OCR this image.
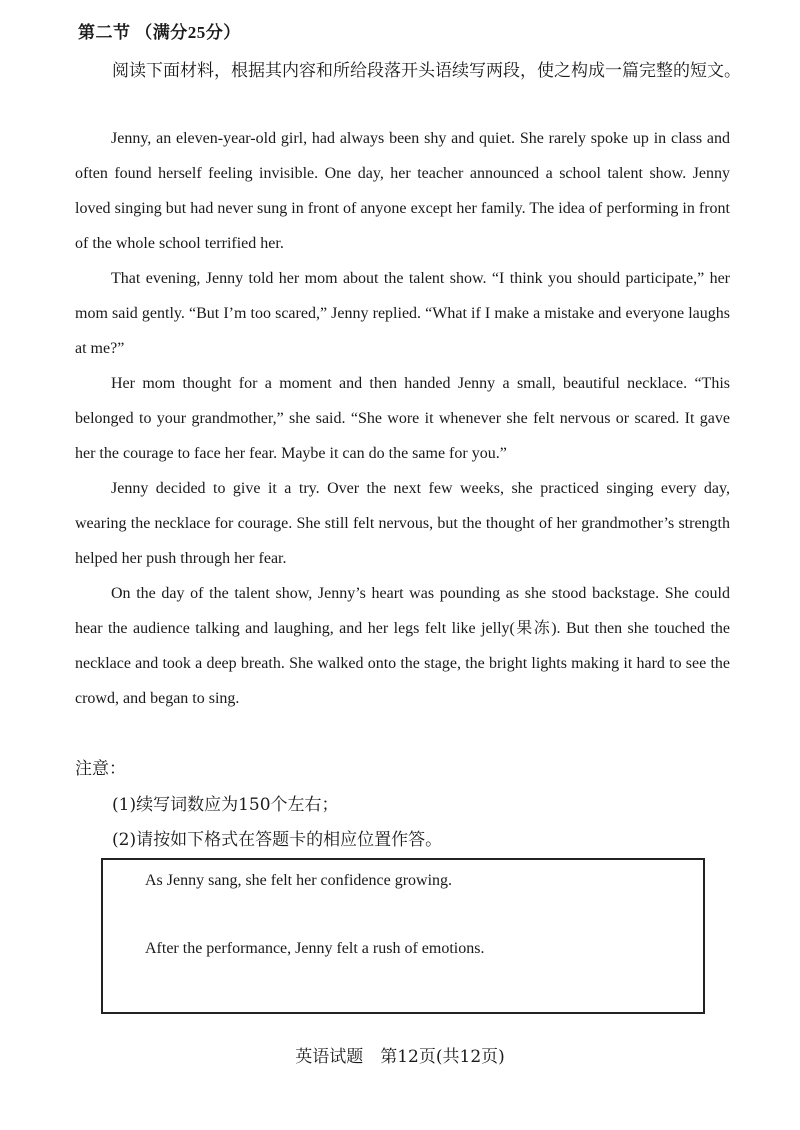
第二节 （满分25分）
阅读下面材料，根据其内容和所给段落开头语续写两段，使之构成一篇完整的短文。

Jenny, an eleven-year-old girl, had always been shy and quiet. She rarely spoke up in class and often found herself feeling invisible. One day, her teacher announced a school talent show. Jenny loved singing but had never sung in front of anyone except her family. The idea of performing in front of the whole school terrified her.

That evening, Jenny told her mom about the talent show. “I think you should participate,” her mom said gently. “But I’m too scared,” Jenny replied. “What if I make a mistake and everyone laughs at me?”

Her mom thought for a moment and then handed Jenny a small, beautiful necklace. “This belonged to your grandmother,” she said. “She wore it whenever she felt nervous or scared. It gave her the courage to face her fear. Maybe it can do the same for you.”

Jenny decided to give it a try. Over the next few weeks, she practiced singing every day, wearing the necklace for courage. She still felt nervous, but the thought of her grandmother’s strength helped her push through her fear.

On the day of the talent show, Jenny’s heart was pounding as she stood backstage. She could hear the audience talking and laughing, and her legs felt like jelly(果冻). But then she touched the necklace and took a deep breath. She walked onto the stage, the bright lights making it hard to see the crowd, and began to sing.

注意：
(1)续写词数应为150个左右；
(2)请按如下格式在答题卡的相应位置作答。
As Jenny sang, she felt her confidence growing.
After the performance, Jenny felt a rush of emotions.
英语试题　第12页(共12页)
